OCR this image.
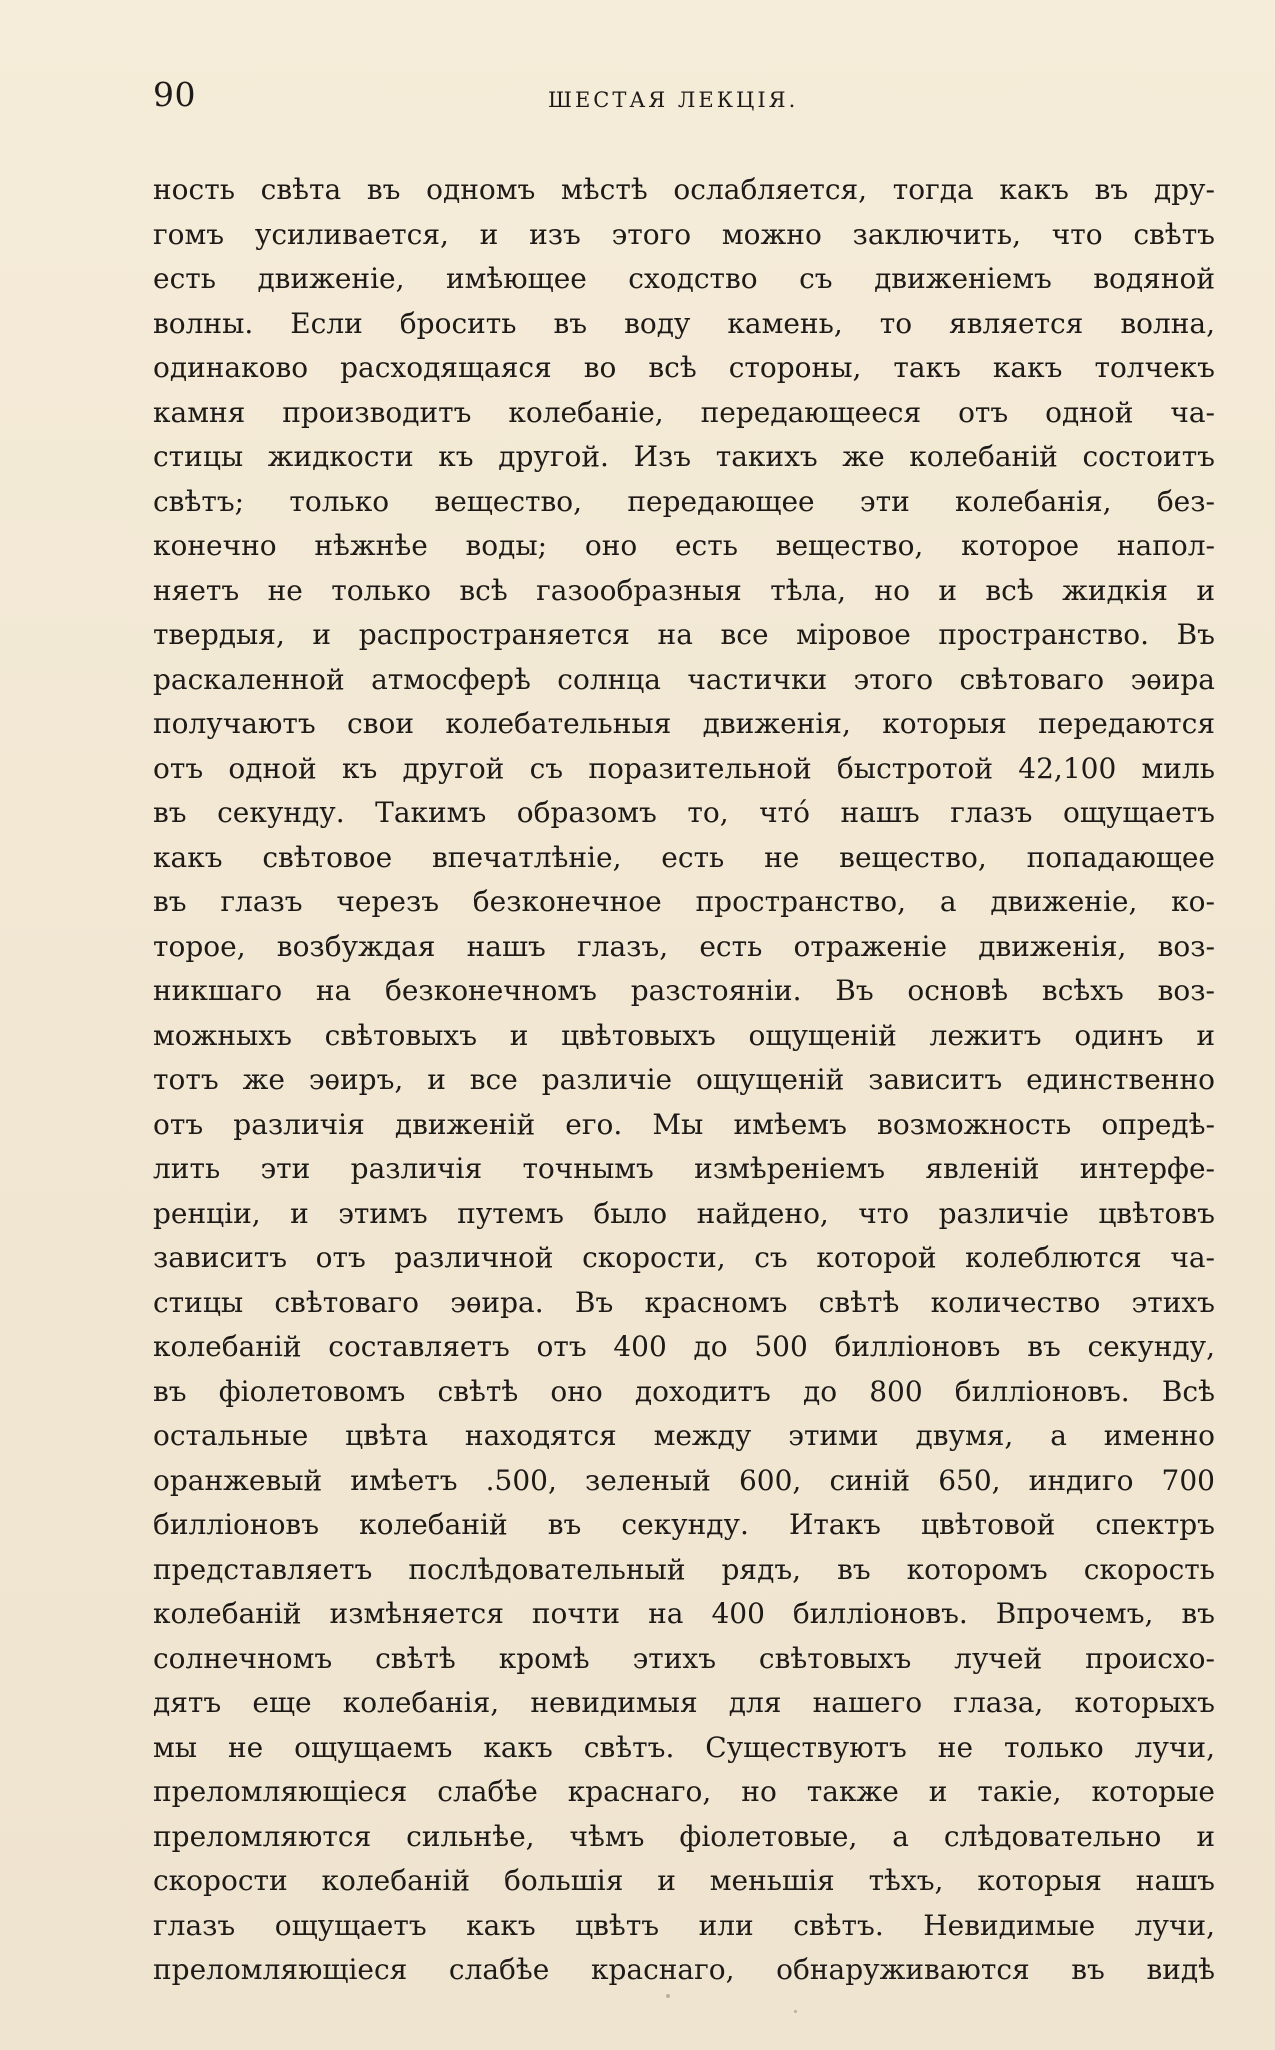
90	ШЕСТАЯ ЛЕКЦІЯ.
ность свѣта въ одномъ мѣстѣ ослабляется, тогда какъ въ дру-
гомъ усиливается, и изъ этого можно заключить, что свѣтъ
есть движеніе, имѣющее сходство съ движеніемъ водяной
волны. Если бросить въ воду камень, то является волна,
одинаково расходящаяся во всѣ стороны, такъ какъ толчекъ
камня производитъ колебаніе, передающееся отъ одной ча-
стицы жидкости къ другой. Изъ такихъ же колебаній состоитъ
свѣтъ; только вещество, передающее эти колебанія, без-
конечно нѣжнѣе воды; оно есть вещество, которое напол-
няетъ не только всѣ газообразныя тѣла, но и всѣ жидкія и
твердыя, и распространяется на все міровое пространство. Въ
раскаленной атмосферѣ солнца частички этого свѣтоваго эѳира
получаютъ свои колебательныя движенія, которыя передаются
отъ одной къ другой съ поразительной быстротой 42,100 миль
въ секунду. Такимъ образомъ то, что́ нашъ глазъ ощущаетъ
какъ свѣтовое впечатлѣніе, есть не вещество, попадающее
въ глазъ черезъ безконечное пространство, а движеніе, ко-
торое, возбуждая нашъ глазъ, есть отраженіе движенія, воз-
никшаго на безконечномъ разстояніи. Въ основѣ всѣхъ воз-
можныхъ свѣтовыхъ и цвѣтовыхъ ощущеній лежитъ одинъ и
тотъ же эѳиръ, и все различіе ощущеній зависитъ единственно
отъ различія движеній его. Мы имѣемъ возможность опредѣ-
лить эти различія точнымъ измѣреніемъ явленій интерфе-
ренціи, и этимъ путемъ было найдено, что различіе цвѣтовъ
зависитъ отъ различной скорости, съ которой колеблются ча-
стицы свѣтоваго эѳира. Въ красномъ свѣтѣ количество этихъ
колебаній составляетъ отъ 400 до 500 билліоновъ въ секунду,
въ фіолетовомъ свѣтѣ оно доходитъ до 800 билліоновъ. Всѣ
остальные цвѣта находятся между этими двумя, а именно
оранжевый имѣетъ .500, зеленый 600, синій 650, индиго 700
билліоновъ колебаній въ секунду. Итакъ цвѣтовой спектръ
представляетъ послѣдовательный рядъ, въ которомъ скорость
колебаній измѣняется почти на 400 билліоновъ. Впрочемъ, въ
солнечномъ свѣтѣ кромѣ этихъ свѣтовыхъ лучей происхо-
дятъ еще колебанія, невидимыя для нашего глаза, которыхъ
мы не ощущаемъ какъ свѣтъ. Существуютъ не только лучи,
преломляющіеся слабѣе краснаго, но также и такіе, которые
преломляются сильнѣе, чѣмъ фіолетовые, а слѣдовательно и
скорости колебаній большія и меньшія тѣхъ, которыя нашъ
глазъ ощущаетъ какъ цвѣтъ или свѣтъ. Невидимые лучи,
преломляющіеся слабѣе краснаго, обнаруживаются въ видѣ
